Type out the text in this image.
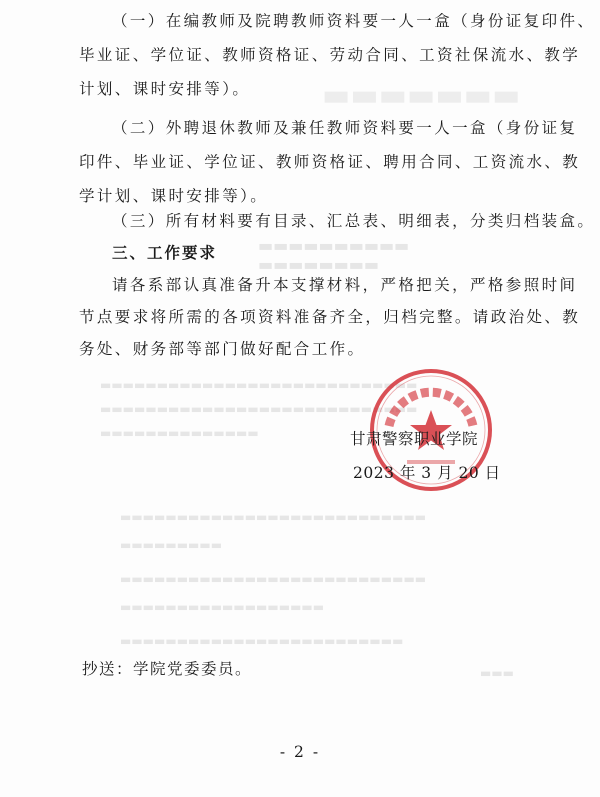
▬▬▬▬▬▬▬
▬▬▬▬▬▬▬▬▬▬
▬▬▬▬▬▬▬▬
▬▬▬▬▬▬▬▬▬▬▬▬▬▬▬▬▬▬▬▬▬▬▬▬▬▬▬▬
▬▬▬▬▬▬▬▬▬▬▬▬▬▬▬▬▬▬▬▬▬▬▬▬▬▬▬▬
▬▬▬▬▬▬▬▬▬▬▬▬▬▬
▬▬▬▬▬▬▬▬▬▬▬▬▬▬▬▬▬▬▬▬▬▬▬▬▬▬▬
▬▬▬▬▬▬▬▬▬
▬▬▬▬▬▬▬▬▬▬▬▬▬▬▬▬▬▬▬▬▬▬▬▬▬▬▬
▬▬▬▬▬▬▬▬▬▬▬▬▬▬▬▬▬▬
▬▬▬▬▬▬▬▬▬▬▬▬▬▬▬▬▬▬▬▬▬▬▬▬▬
▬▬▬
（一）在编教师及院聘教师资料要一人一盒（身份证复印件、
毕业证、学位证、教师资格证、劳动合同、工资社保流水、教学
计划、课时安排等）。
（二）外聘退休教师及兼任教师资料要一人一盒（身份证复
印件、毕业证、学位证、教师资格证、聘用合同、工资流水、教
学计划、课时安排等）。
（三）所有材料要有目录、汇总表、明细表，分类归档装盒。
三、工作要求
请各系部认真准备升本支撑材料，严格把关，严格参照时间
节点要求将所需的各项资料准备齐全，归档完整。请政治处、教
务处、财务部等部门做好配合工作。
甘肃警察职业学院
2023 年 3 月 20 日
抄送：学院党委委员。
- 2 -
